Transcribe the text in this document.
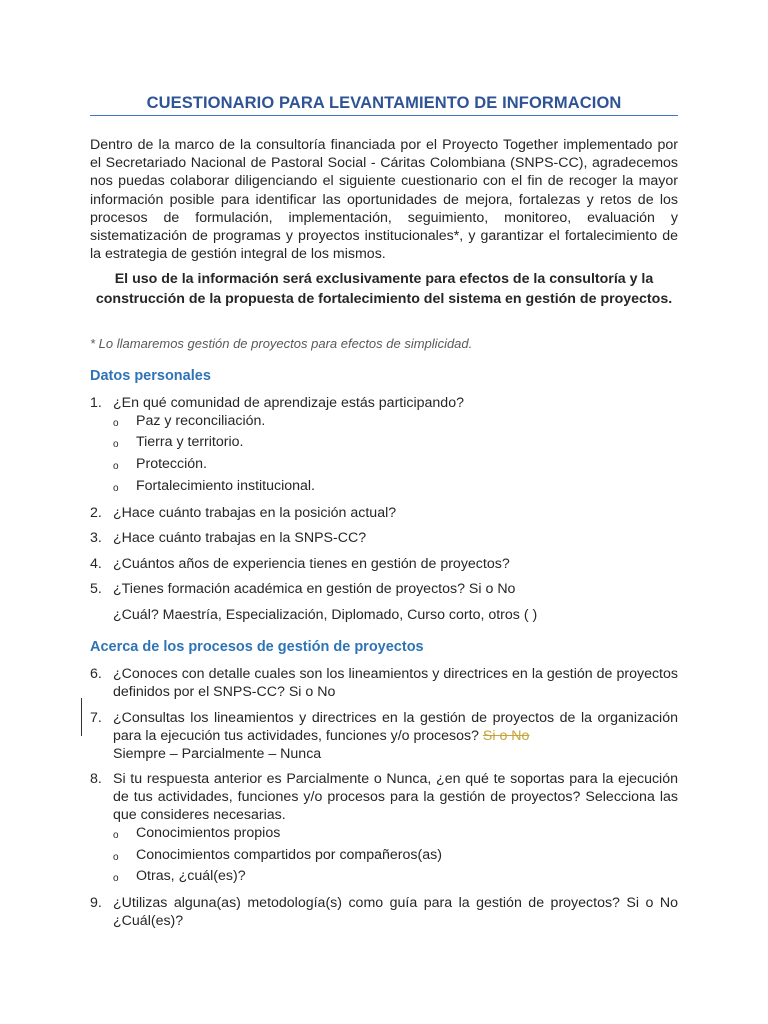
CUESTIONARIO PARA LEVANTAMIENTO DE INFORMACION
Dentro de la marco de la consultoría financiada por el Proyecto Together implementado por el Secretariado Nacional de Pastoral Social - Cáritas Colombiana (SNPS-CC), agradecemos nos puedas colaborar diligenciando el siguiente cuestionario con el fin de recoger la mayor información posible para identificar las oportunidades de mejora, fortalezas y retos de los procesos de formulación, implementación, seguimiento, monitoreo, evaluación y sistematización de programas y proyectos institucionales*, y garantizar el fortalecimiento de la estrategia de gestión integral de los mismos.
El uso de la información será exclusivamente para efectos de la consultoría y la construcción de la propuesta de fortalecimiento del sistema en gestión de proyectos.
* Lo llamaremos gestión de proyectos para efectos de simplicidad.
Datos personales
1. ¿En qué comunidad de aprendizaje estás participando?
o Paz y reconciliación.
o Tierra y territorio.
o Protección.
o Fortalecimiento institucional.
2. ¿Hace cuánto trabajas en la posición actual?
3. ¿Hace cuánto trabajas en la SNPS-CC?
4. ¿Cuántos años de experiencia tienes en gestión de proyectos?
5. ¿Tienes formación académica en gestión de proyectos? Si o No
¿Cuál? Maestría, Especialización, Diplomado, Curso corto, otros ( )
Acerca de los procesos de gestión de proyectos
6. ¿Conoces con detalle cuales son los lineamientos y directrices en la gestión de proyectos definidos por el SNPS-CC? Si o No
7. ¿Consultas los lineamientos y directrices en la gestión de proyectos de la organización para la ejecución tus actividades, funciones y/o procesos? Si o No
Siempre – Parcialmente – Nunca
8. Si tu respuesta anterior es Parcialmente o Nunca, ¿en qué te soportas para la ejecución de tus actividades, funciones y/o procesos para la gestión de proyectos? Selecciona las que consideres necesarias.
o Conocimientos propios
o Conocimientos compartidos por compañeros(as)
o Otras, ¿cuál(es)?
9. ¿Utilizas alguna(as) metodología(s) como guía para la gestión de proyectos? Si o No ¿Cuál(es)?
